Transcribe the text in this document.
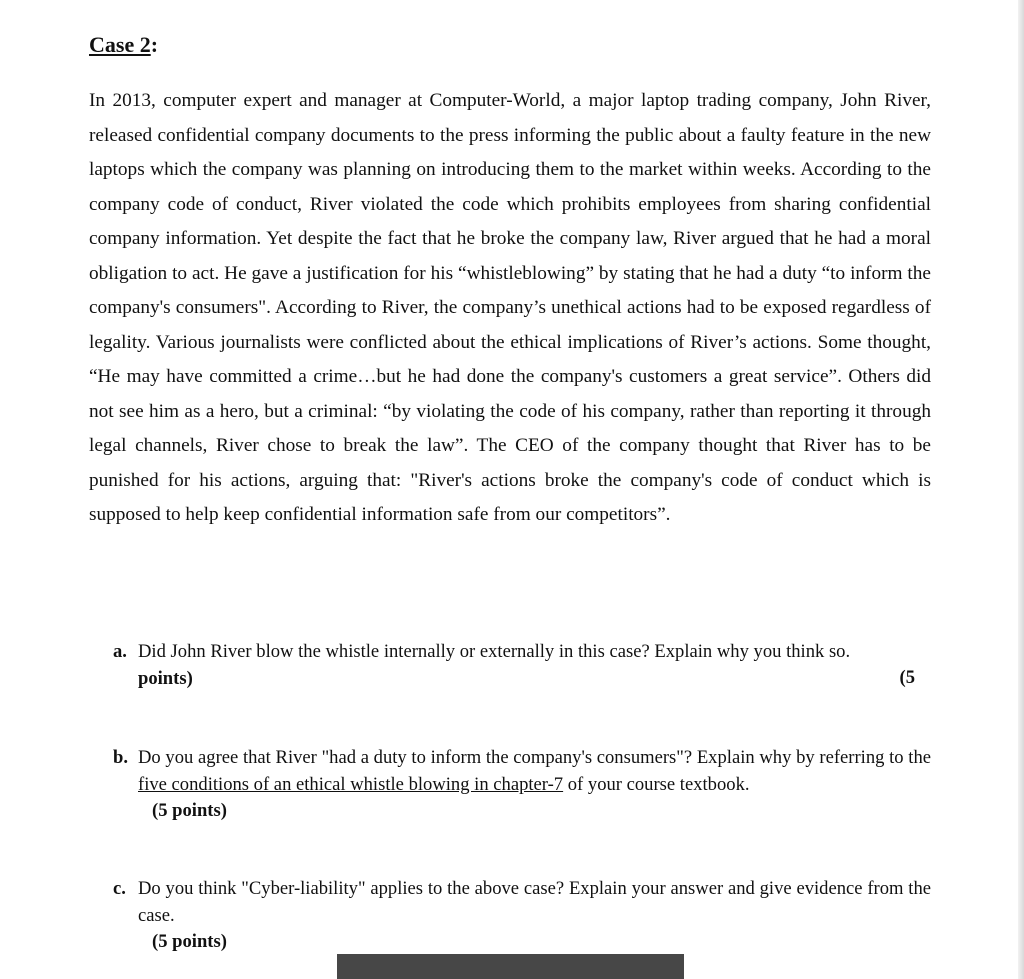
Case 2:

In 2013, computer expert and manager at Computer-World, a major laptop trading company, John River, released confidential company documents to the press informing the public about a faulty feature in the new laptops which the company was planning on introducing them to the market within weeks. According to the company code of conduct, River violated the code which prohibits employees from sharing confidential company information. Yet despite the fact that he broke the company law, River argued that he had a moral obligation to act. He gave a justification for his “whistleblowing” by stating that he had a duty “to inform the company's consumers". According to River, the company’s unethical actions had to be exposed regardless of legality. Various journalists were conflicted about the ethical implications of River’s actions. Some thought, “He may have committed a crime…but he had done the company's customers a great service”. Others did not see him as a hero, but a criminal: “by violating the code of his company, rather than reporting it through legal channels, River chose to break the law”. The CEO of the company thought that River has to be punished for his actions, arguing that: "River's actions broke the company's code of conduct which is supposed to help keep confidential information safe from our competitors”.

a. Did John River blow the whistle internally or externally in this case? Explain why you think so.
(5
points)
b. Do you agree that River "had a duty to inform the company's consumers"? Explain why by referring to the five conditions of an ethical whistle blowing in chapter-7 of your course textbook.
(5 points)
c. Do you think "Cyber-liability" applies to the above case? Explain your answer and give evidence from the case.
(5 points)
